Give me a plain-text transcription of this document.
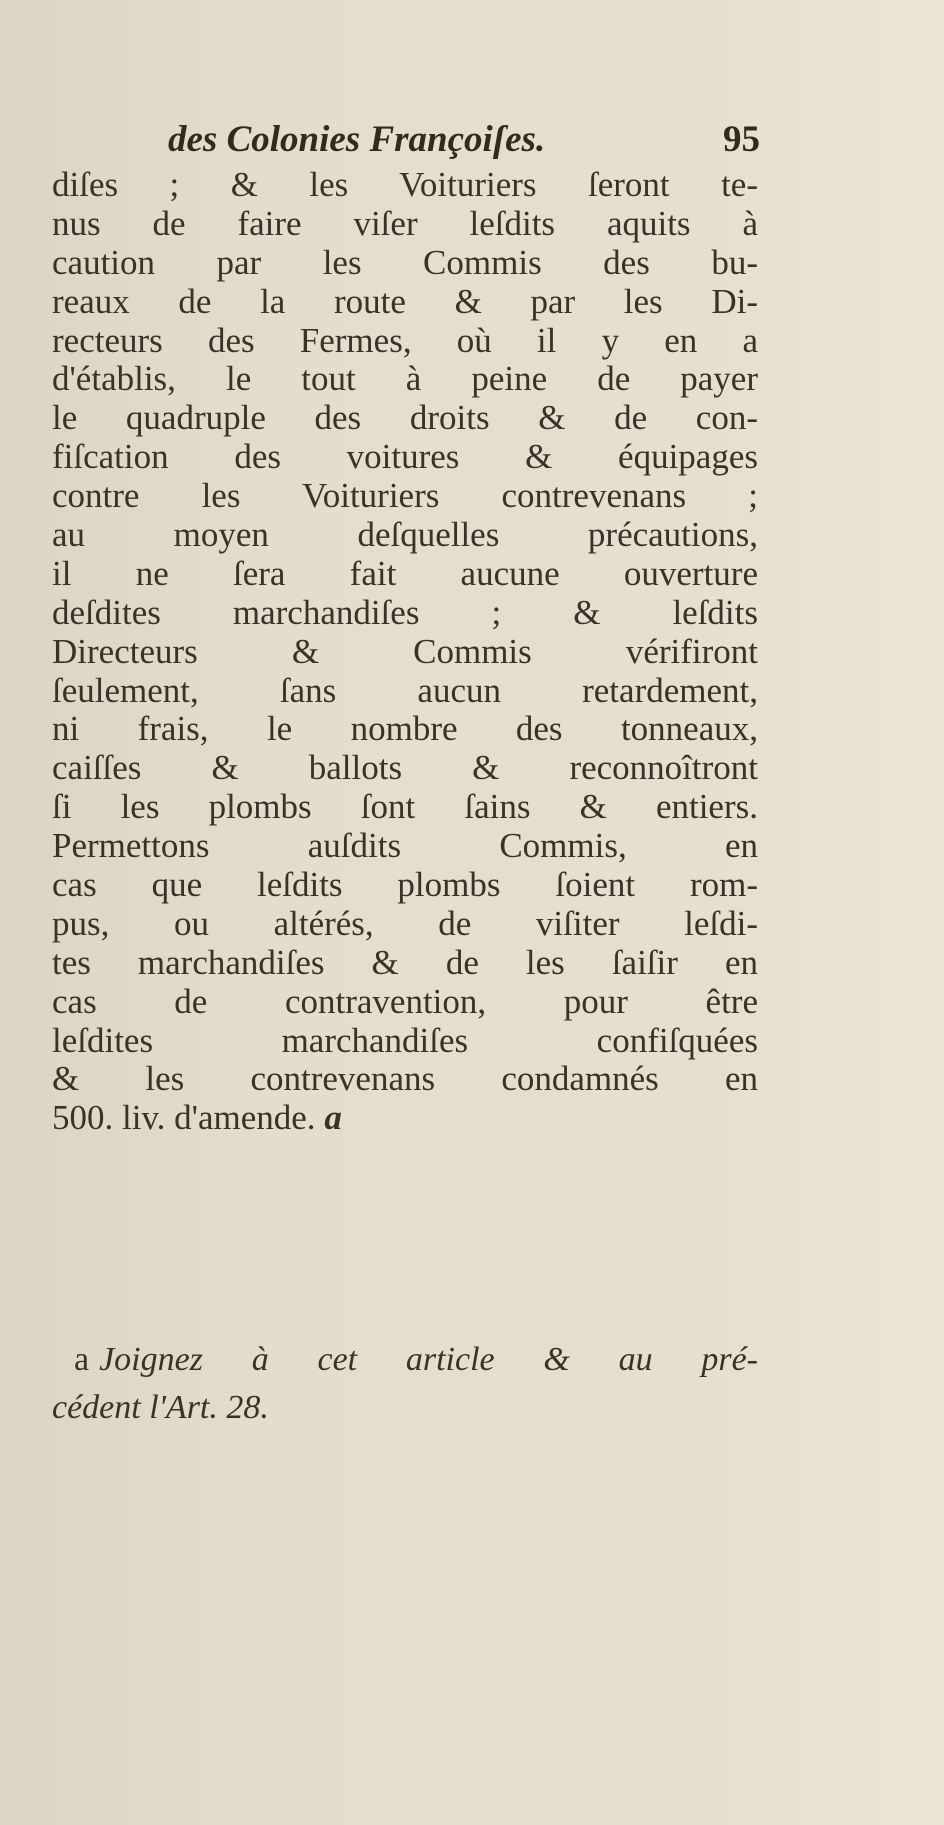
des Colonies Françoiſes.	95
diſes ; & les Voituriers ſeront te-
nus de faire viſer leſdits aquits à
caution par les Commis des bu-
reaux de la route & par les Di-
recteurs des Fermes, où il y en a
d'établis, le tout à peine de payer
le quadruple des droits & de con-
fiſcation des voitures & équipages
contre les Voituriers contrevenans ;
au moyen deſquelles précautions,
il ne ſera fait aucune ouverture
deſdites marchandiſes ; & leſdits
Directeurs & Commis vérifiront
ſeulement, ſans aucun retardement,
ni frais, le nombre des tonneaux,
caiſſes & ballots & reconnoîtront
ſi les plombs ſont ſains & entiers.
Permettons auſdits Commis, en
cas que leſdits plombs ſoient rom-
pus, ou altérés, de viſiter leſdi-
tes marchandiſes & de les ſaiſir en
cas de contravention, pour être
leſdites marchandiſes confiſquées
& les contrevenans condamnés en
500. liv. d'amende. a
a Joignez à cet article & au pré-
cédent l'Art. 28.
